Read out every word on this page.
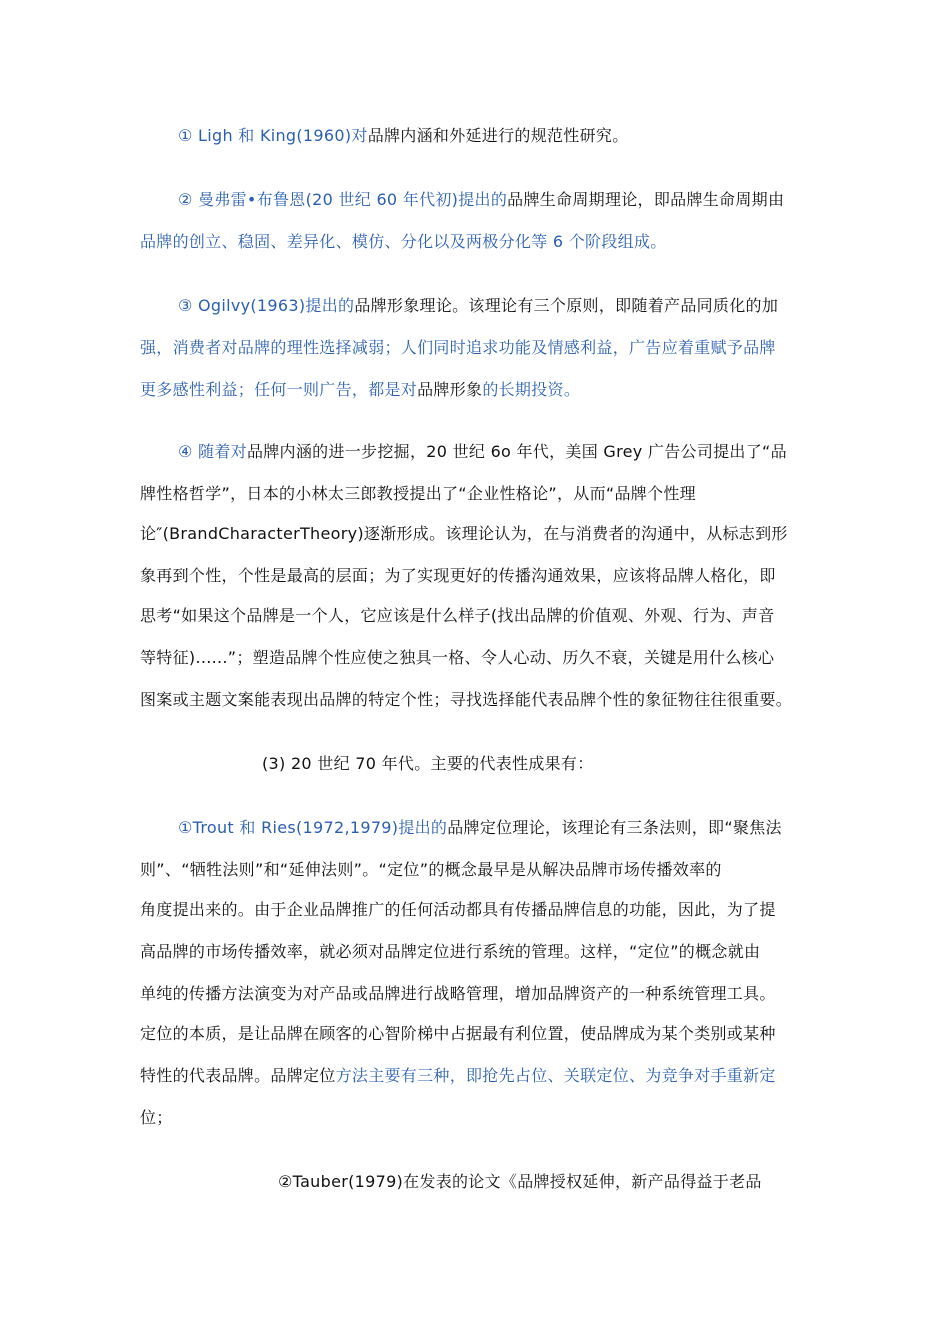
① Ligh 和 King(1960)对品牌内涵和外延进行的规范性研究。
② 曼弗雷•布鲁恩(20 世纪 60 年代初)提出的品牌生命周期理论，即品牌生命周期由
品牌的创立、稳固、差异化、模仿、分化以及两极分化等 6 个阶段组成。
③ Ogilvy(1963)提出的品牌形象理论。该理论有三个原则，即随着产品同质化的加
强，消费者对品牌的理性选择减弱；人们同时追求功能及情感利益，广告应着重赋予品牌
更多感性利益；任何一则广告，都是对品牌形象的长期投资。
④ 随着对品牌内涵的进一步挖掘，20 世纪 6o 年代，美国 Grey 广告公司提出了“品
牌性格哲学”，日本的小林太三郎教授提出了“企业性格论”，从而“品牌个性理
论″(BrandCharacterTheory)逐渐形成。该理论认为，在与消费者的沟通中，从标志到形
象再到个性，个性是最高的层面；为了实现更好的传播沟通效果，应该将品牌人格化，即
思考“如果这个品牌是一个人，它应该是什么样子(找出品牌的价值观、外观、行为、声音
等特征)......”；塑造品牌个性应使之独具一格、令人心动、历久不衰，关键是用什么核心
图案或主题文案能表现出品牌的特定个性；寻找选择能代表品牌个性的象征物往往很重要。
(3) 20 世纪 70 年代。主要的代表性成果有：
①Trout 和 Ries(1972,1979)提出的品牌定位理论，该理论有三条法则，即“聚焦法
则”、“牺牲法则”和“延伸法则”。“定位”的概念最早是从解决品牌市场传播效率的
角度提出来的。由于企业品牌推广的任何活动都具有传播品牌信息的功能，因此，为了提
高品牌的市场传播效率，就必须对品牌定位进行系统的管理。这样，“定位”的概念就由
单纯的传播方法演变为对产品或品牌进行战略管理，增加品牌资产的一种系统管理工具。
定位的本质，是让品牌在顾客的心智阶梯中占据最有利位置，使品牌成为某个类别或某种
特性的代表品牌。品牌定位方法主要有三种，即抢先占位、关联定位、为竞争对手重新定
位；
②Tauber(1979)在发表的论文《品牌授权延伸，新产品得益于老品
